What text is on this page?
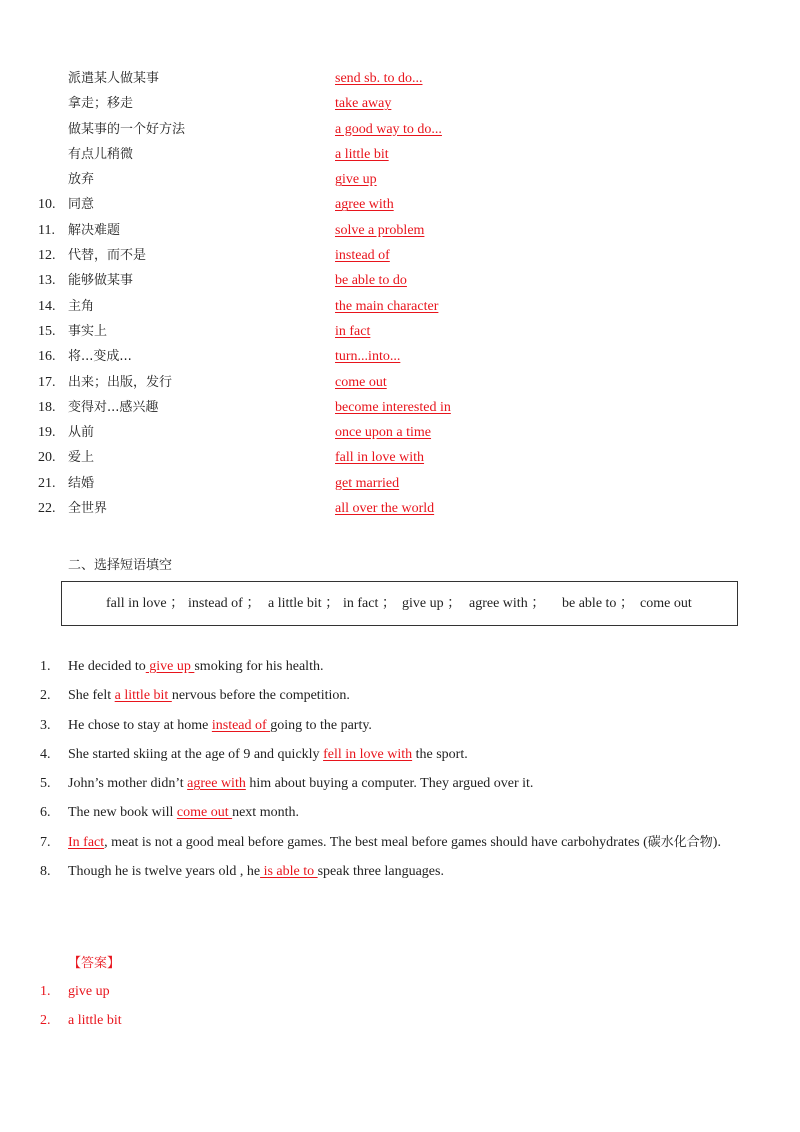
派遣某人做某事	send sb. to do...
拿走；移走	take away
做某事的一个好方法	a good way to do...
有点儿稍微	a little bit
放弃	give up
10. 同意	agree with
11.	解决难题	solve a problem
12. 代替，而不是	instead of
13. 能够做某事	be able to do
14. 主角	the main character
15. 事实上	in fact
16. 将...变成...	turn...into...
17. 出来；出版，发行	come out
18. 变得对...感兴趣	become interested in
19. 从前	once upon a time
20. 爱上	fall in love with
21. 结婚	get married
22. 全世界	all over the world
二、选择短语填空
fall in love ； instead of ； a little bit ； in fact ； give up ； agree with ； be able to ； come out
1. He decided to give up smoking for his health.
2. She felt a little bit nervous before the competition.
3. He chose to stay at home instead of going to the party.
4. She started skiing at the age of 9 and quickly fell in love with the sport.
5. John’s mother didn’t agree with him about buying a computer. They argued over it.
6. The new book will come out next month.
7. In fact, meat is not a good meal before games. The best meal before games should have carbohydrates (碳水化合物).
8. Though he is twelve years old , he is able to speak three languages.
【答案】
1. give up
2. a little bit
